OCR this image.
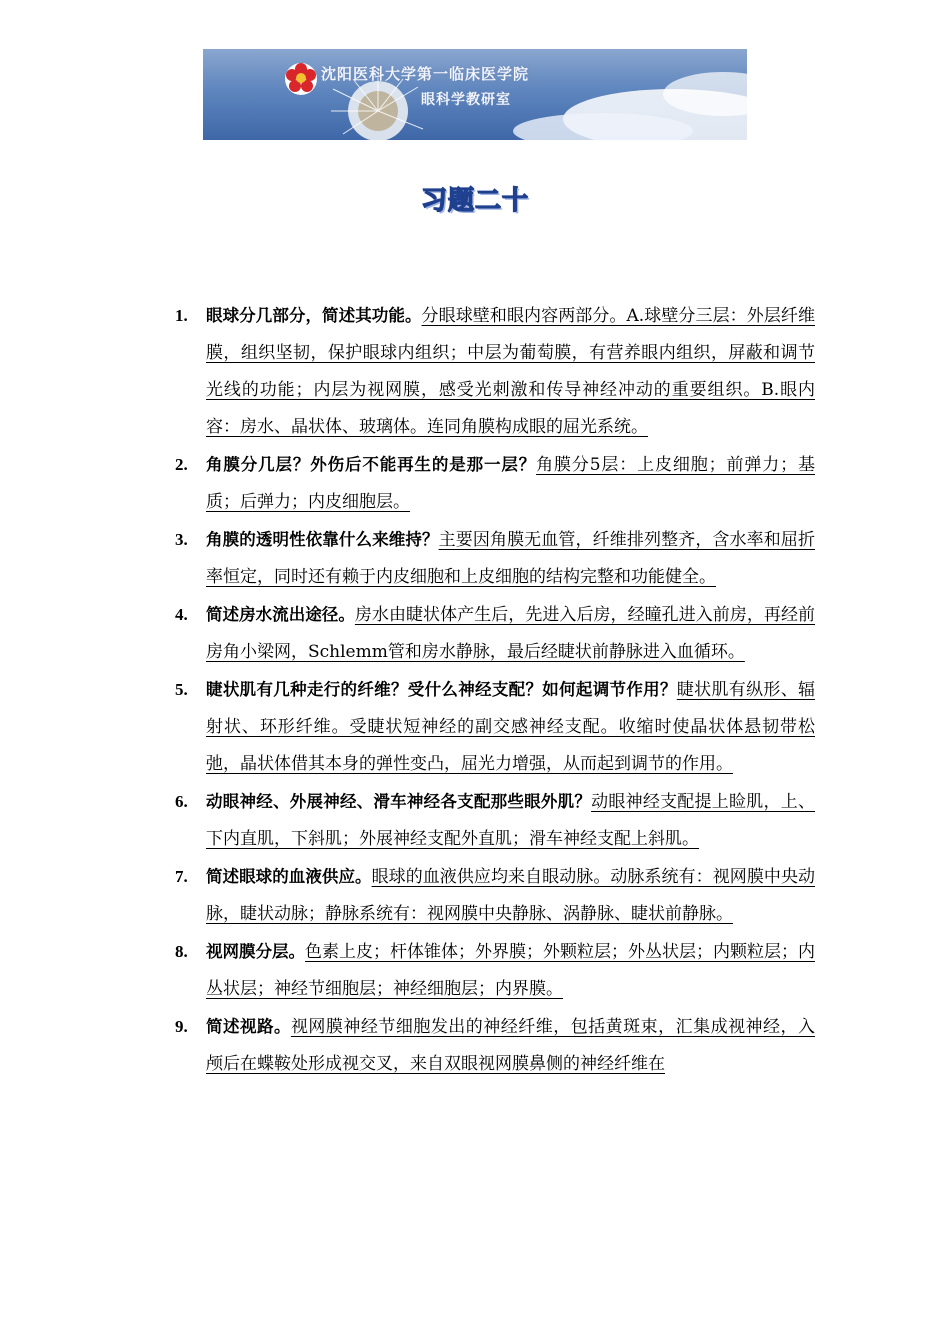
沈阳医科大学第一临床医学院
眼科学教研室
习题二十
1.	眼球分几部分，简述其功能。分眼球壁和眼内容两部分。A.球壁分三层：外层纤维膜，组织坚韧，保护眼球内组织；中层为葡萄膜，有营养眼内组织，屏蔽和调节光线的功能；内层为视网膜，感受光刺激和传导神经冲动的重要组织。B.眼内容：房水、晶状体、玻璃体。连同角膜构成眼的屈光系统。
2.	角膜分几层？外伤后不能再生的是那一层？角膜分5层：上皮细胞；前弹力；基质；后弹力；内皮细胞层。
3.	角膜的透明性依靠什么来维持？主要因角膜无血管，纤维排列整齐，含水率和屈折率恒定，同时还有赖于内皮细胞和上皮细胞的结构完整和功能健全。
4.	简述房水流出途径。房水由睫状体产生后，先进入后房，经瞳孔进入前房，再经前房角小梁网，Schlemm管和房水静脉，最后经睫状前静脉进入血循环。
5.	睫状肌有几种走行的纤维？受什么神经支配？如何起调节作用？睫状肌有纵形、辐射状、环形纤维。受睫状短神经的副交感神经支配。收缩时使晶状体悬韧带松弛，晶状体借其本身的弹性变凸，屈光力增强，从而起到调节的作用。
6.	动眼神经、外展神经、滑车神经各支配那些眼外肌？动眼神经支配提上睑肌，上、下内直肌，下斜肌；外展神经支配外直肌；滑车神经支配上斜肌。
7.	简述眼球的血液供应。眼球的血液供应均来自眼动脉。动脉系统有：视网膜中央动脉，睫状动脉；静脉系统有：视网膜中央静脉、涡静脉、睫状前静脉。
8.	视网膜分层。色素上皮；杆体锥体；外界膜；外颗粒层；外丛状层；内颗粒层；内丛状层；神经节细胞层；神经细胞层；内界膜。
9.	简述视路。视网膜神经节细胞发出的神经纤维，包括黄斑束，汇集成视神经，入颅后在蝶鞍处形成视交叉，来自双眼视网膜鼻侧的神经纤维在
